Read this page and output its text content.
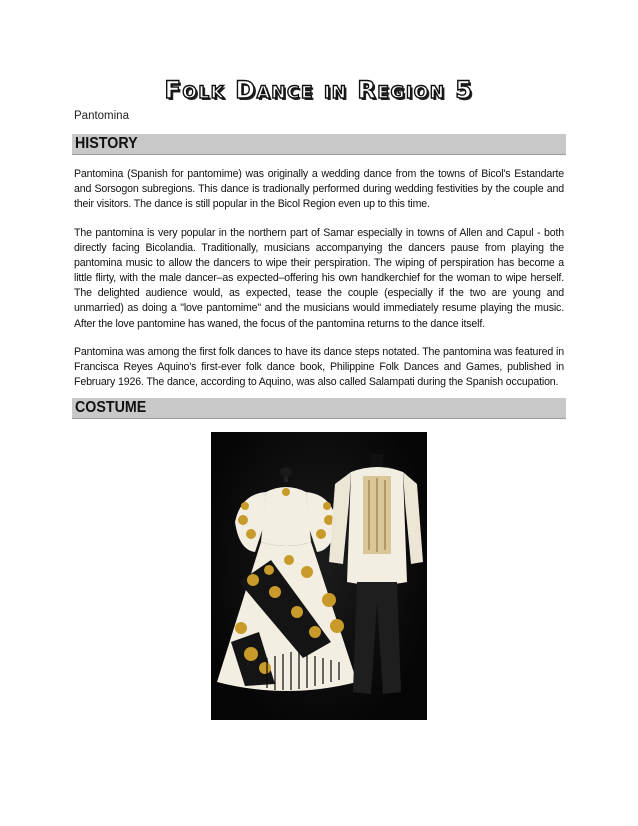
Folk Dance in Region 5
Pantomina
HISTORY

Pantomina (Spanish for pantomime) was originally a wedding dance from the towns of Bicol's Estandarte and Sorsogon subregions. This dance is tradionally performed during wedding festivities by the couple and their visitors. The dance is still popular in the Bicol Region even up to this time.

The pantomina is very popular in the northern part of Samar especially in towns of Allen and Capul - both directly facing Bicolandia. Traditionally, musicians accompanying the dancers pause from playing the pantomina music to allow the dancers to wipe their perspiration. The wiping of perspiration has become a little flirty, with the male dancer–as expected–offering his own handkerchief for the woman to wipe herself. The delighted audience would, as expected, tease the couple (especially if the two are young and unmarried) as doing a "love pantomime" and the musicians would immediately resume playing the music. After the love pantomine has waned, the focus of the pantomina returns to the dance itself.

Pantomina was among the first folk dances to have its dance steps notated. The pantomina was featured in Francisca Reyes Aquino's first-ever folk dance book, Philippine Folk Dances and Games, published in February 1926. The dance, according to Aquino, was also called Salampati during the Spanish occupation.

COSTUME
